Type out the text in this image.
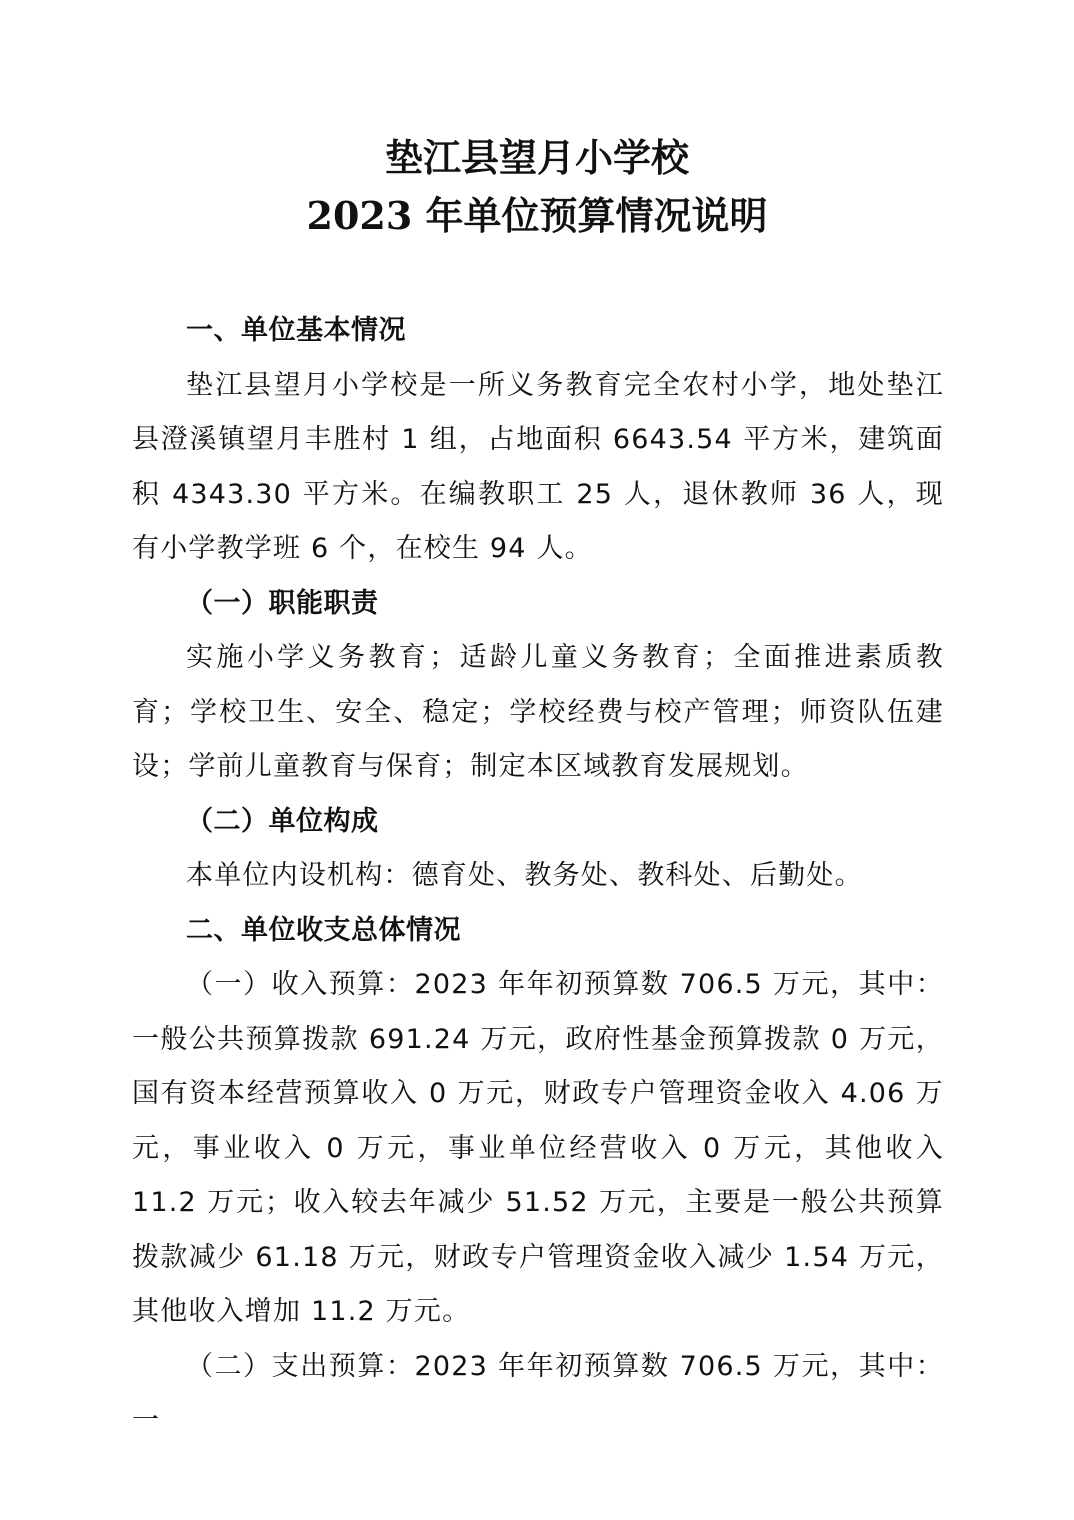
垫江县望月小学校
2023 年单位预算情况说明

一、单位基本情况

垫江县望月小学校是一所义务教育完全农村小学，地处垫江县澄溪镇望月丰胜村 1 组，占地面积 6643.54 平方米，建筑面积 4343.30 平方米。在编教职工 25 人，退休教师 36 人，现有小学教学班 6 个，在校生 94 人。

（一）职能职责

实施小学义务教育；适龄儿童义务教育；全面推进素质教育；学校卫生、安全、稳定；学校经费与校产管理；师资队伍建设；学前儿童教育与保育；制定本区域教育发展规划。

（二）单位构成

本单位内设机构：德育处、教务处、教科处、后勤处。

二、单位收支总体情况

（一）收入预算：2023 年年初预算数 706.5 万元，其中：一般公共预算拨款 691.24 万元，政府性基金预算拨款 0 万元，国有资本经营预算收入 0 万元，财政专户管理资金收入 4.06 万元，事业收入 0 万元，事业单位经营收入 0 万元，其他收入 11.2 万元；收入较去年减少 51.52 万元，主要是一般公共预算拨款减少 61.18 万元，财政专户管理资金收入减少 1.54 万元，其他收入增加 11.2 万元。

（二）支出预算：2023 年年初预算数 706.5 万元，其中：一
